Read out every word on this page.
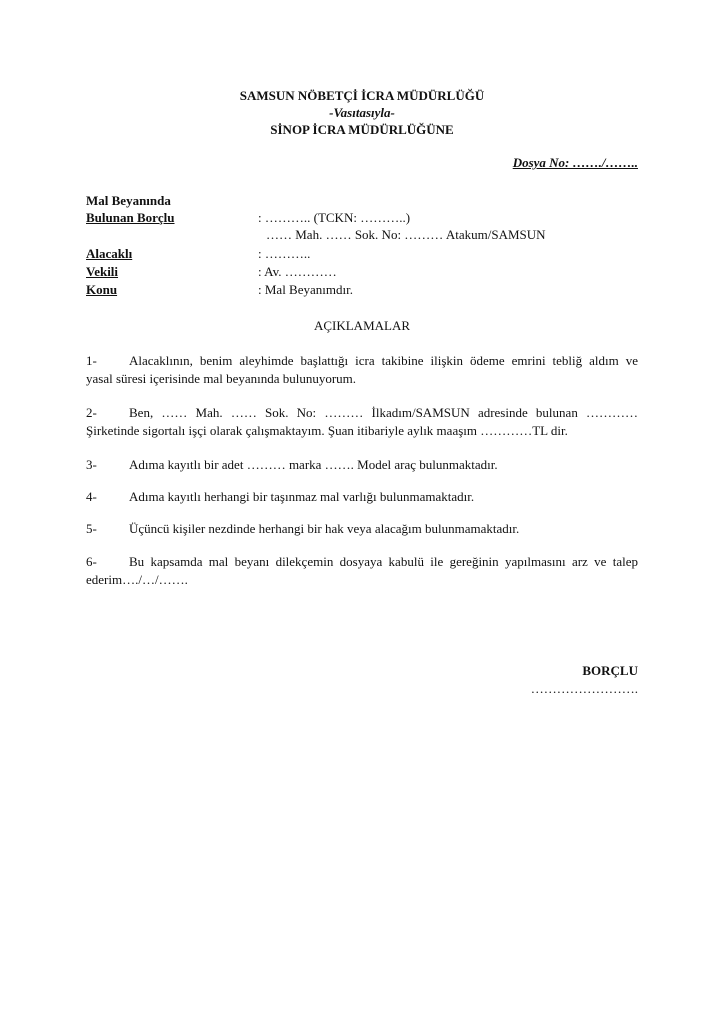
SAMSUN NÖBETÇİ İCRA MÜDÜRLÜĞÜ
-Vasıtasıyla-
SİNOP İCRA MÜDÜRLÜĞÜNE
Dosya No: ……./……..
Mal Beyanında
Bulunan Borçlu	: ……….. (TCKN: ………..)
…… Mah. …… Sok. No: ……… Atakum/SAMSUN
Alacaklı	: ………..
Vekili	: Av. …………
Konu	: Mal Beyanımdır.
AÇIKLAMALAR
1- Alacaklının, benim aleyhimde başlattığı icra takibine ilişkin ödeme emrini tebliğ aldım ve
yasal süresi içerisinde mal beyanında bulunuyorum.
2- Ben, …… Mah. …… Sok. No: ……… İlkadım/SAMSUN adresinde bulunan …………
Şirketinde sigortalı işçi olarak çalışmaktayım. Şuan itibariyle aylık maaşım …………TL dir.
3- Adıma kayıtlı bir adet ……… marka ……. Model araç bulunmaktadır.
4- Adıma kayıtlı herhangi bir taşınmaz mal varlığı bulunmamaktadır.
5- Üçüncü kişiler nezdinde herhangi bir hak veya alacağım bulunmamaktadır.
6- Bu kapsamda mal beyanı dilekçemin dosyaya kabulü ile gereğinin yapılmasını arz ve talep
ederim…./…/…….
BORÇLU
…………………….
